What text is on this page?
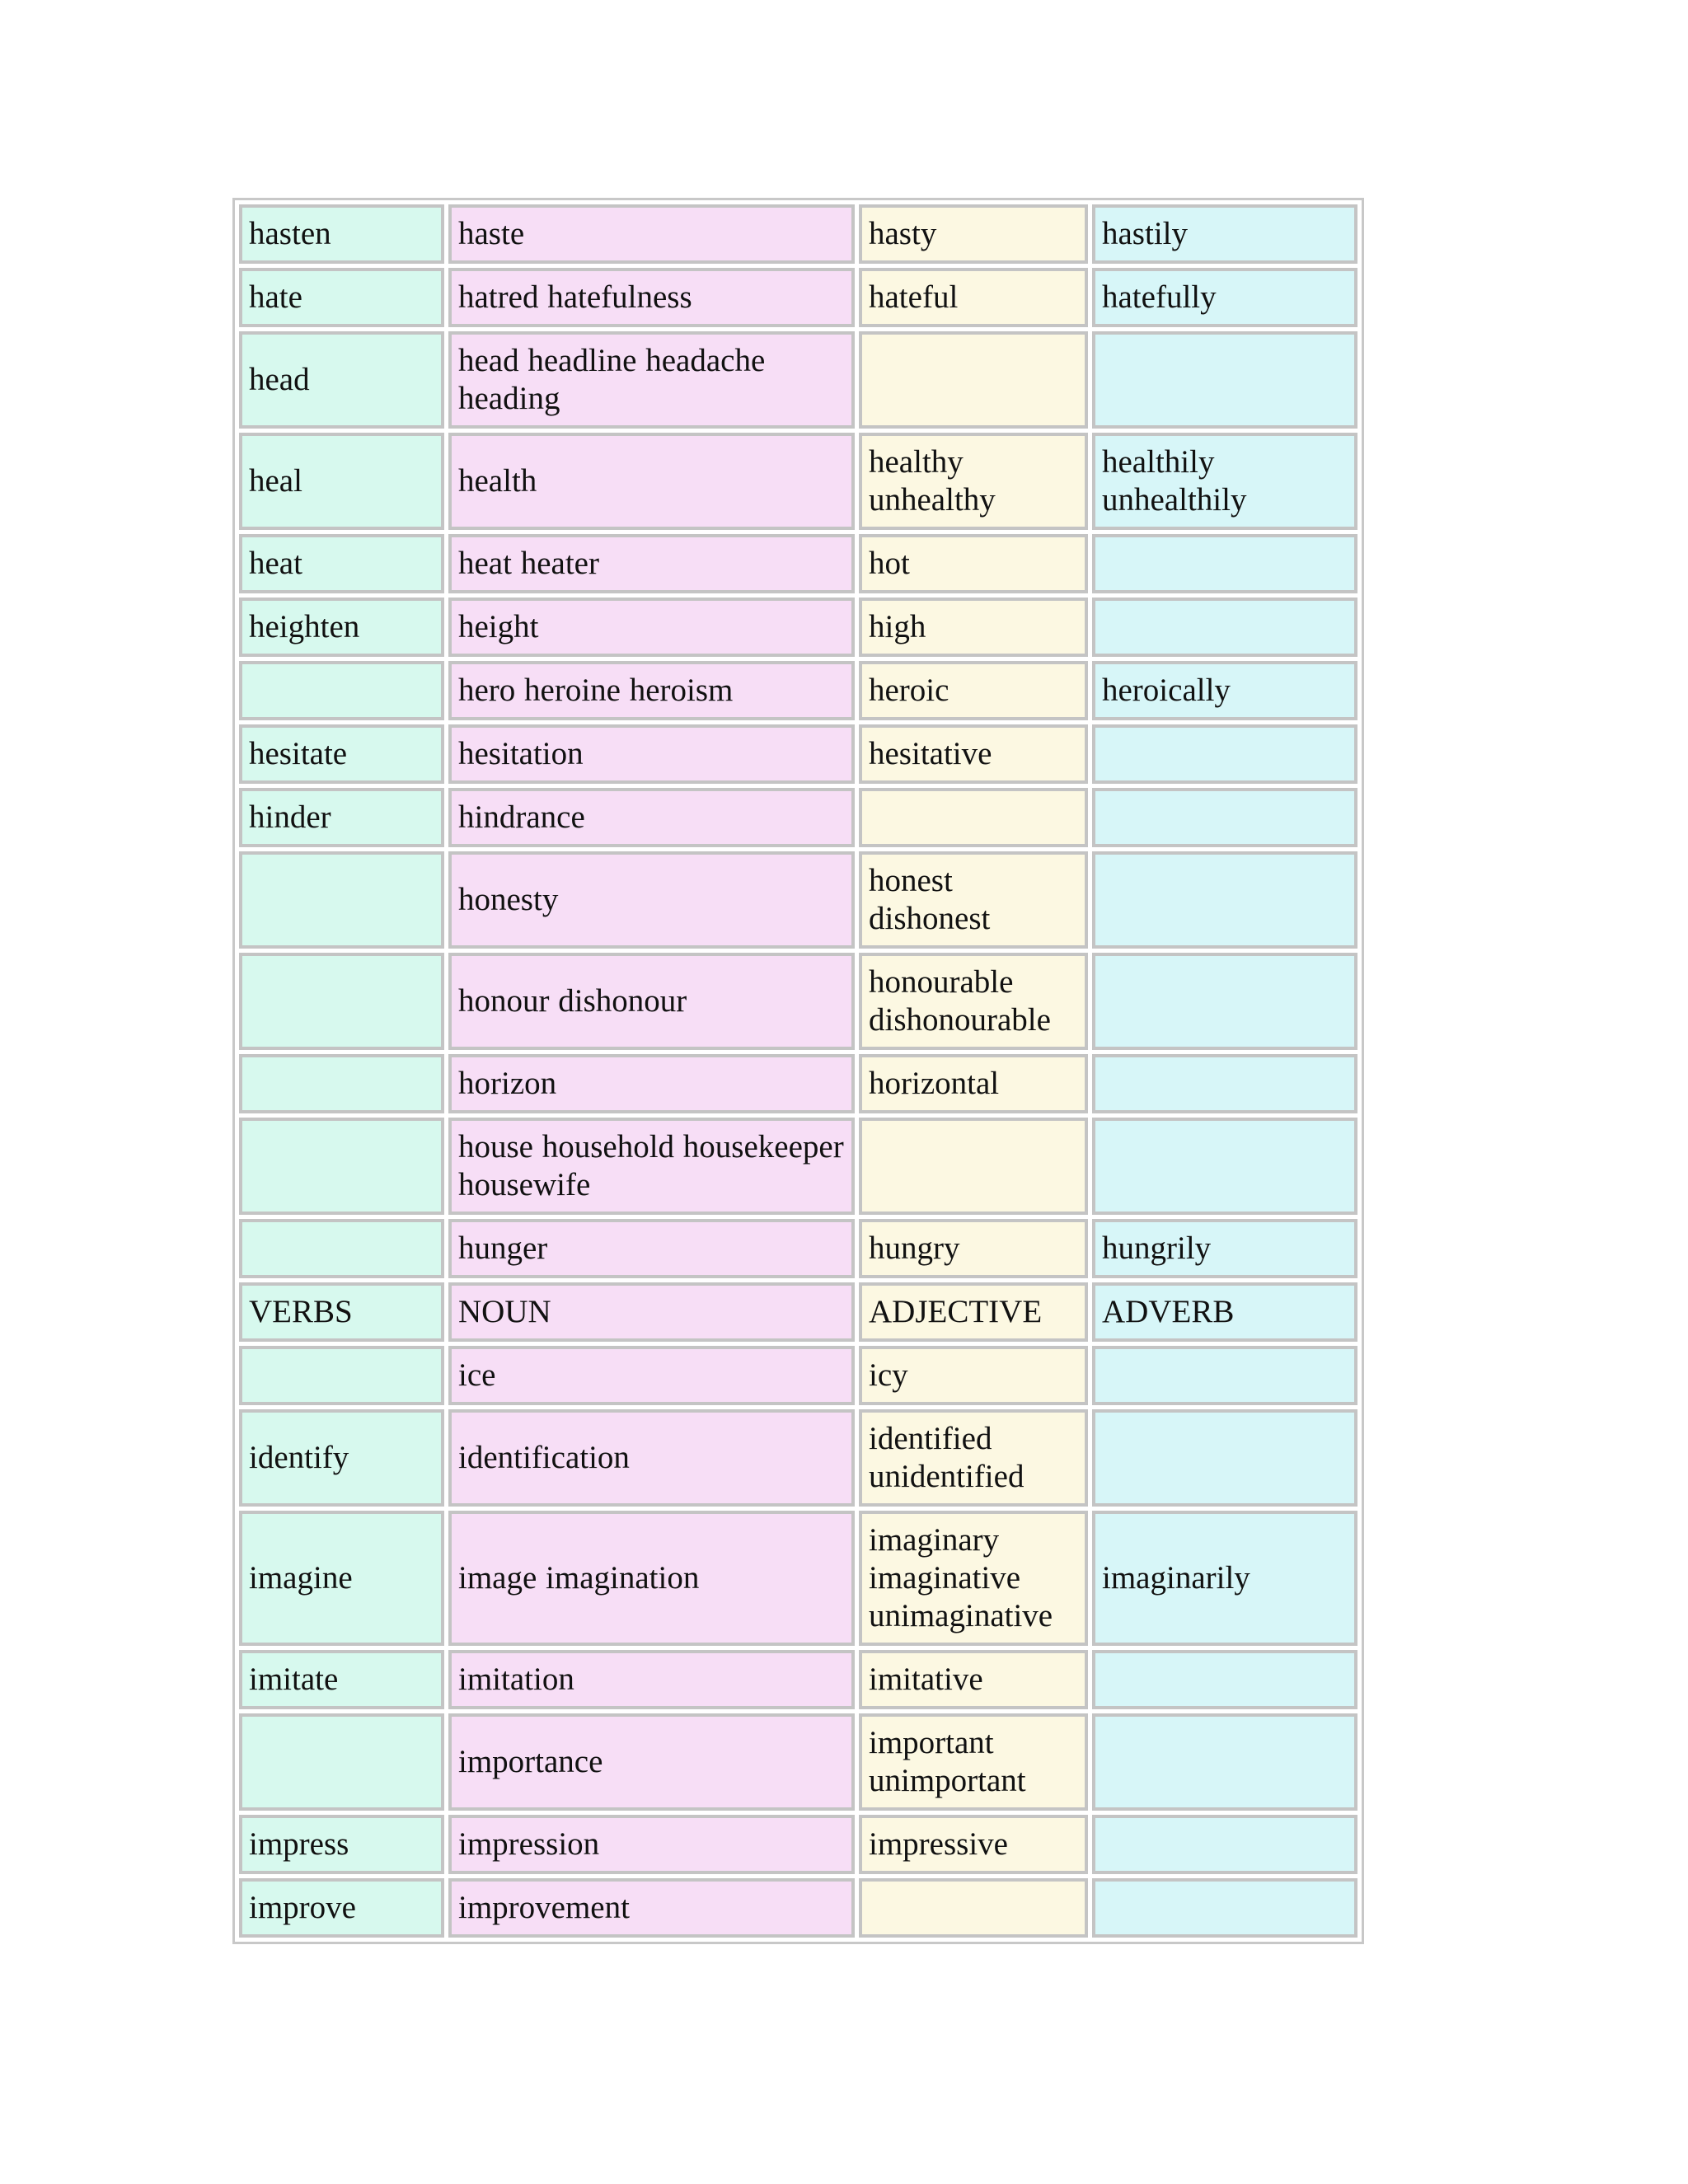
hasten	haste	hasty	hastily

hate	hatred hatefulness	hateful	hatefully

head	head headline headache heading		

heal	health	healthy unhealthy	healthily unhealthily

heat	heat heater	hot	

heighten	height	high	

	hero heroine heroism	heroic	heroically

hesitate	hesitation	hesitative	

hinder	hindrance		

	honesty	honest dishonest	

	honour dishonour	honourable dishonourable	

	horizon	horizontal	

	house household housekeeper housewife		

	hunger	hungry	hungrily

VERBS	NOUN	ADJECTIVE	ADVERB

	ice	icy	

identify	identification	identified unidentified	

imagine	image imagination	imaginary imaginative unimaginative	imaginarily

imitate	imitation	imitative	

	importance	important unimportant	

impress	impression	impressive	

improve	improvement		
